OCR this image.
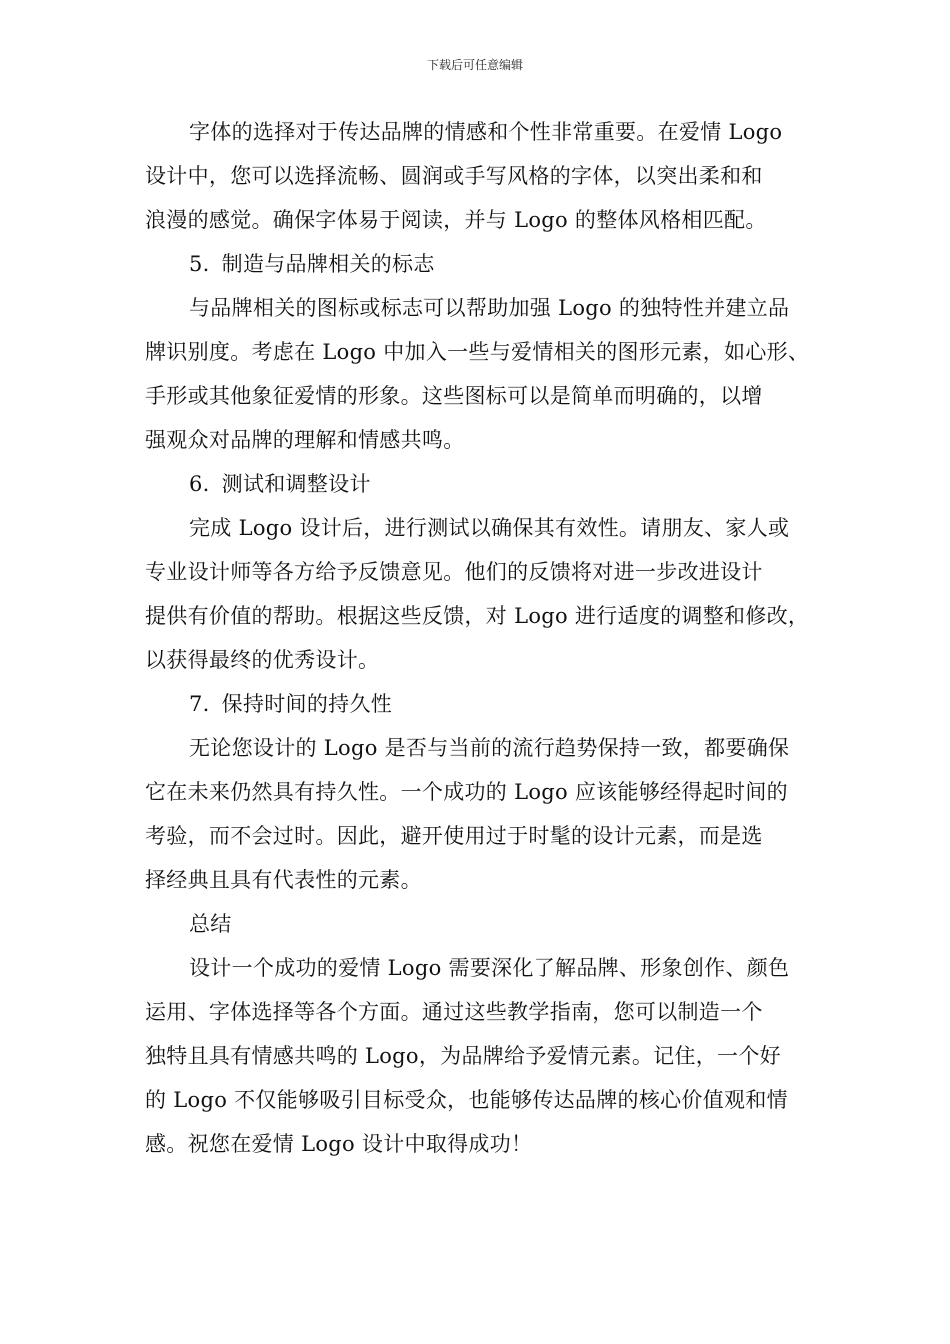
下载后可任意编辑
字体的选择对于传达品牌的情感和个性非常重要。在爱情 Logo
设计中，您可以选择流畅、圆润或手写风格的字体，以突出柔和和
浪漫的感觉。确保字体易于阅读，并与 Logo 的整体风格相匹配。
5. 制造与品牌相关的标志
与品牌相关的图标或标志可以帮助加强 Logo 的独特性并建立品
牌识别度。考虑在 Logo 中加入一些与爱情相关的图形元素，如心形、
手形或其他象征爱情的形象。这些图标可以是简单而明确的，以增
强观众对品牌的理解和情感共鸣。
6. 测试和调整设计
完成 Logo 设计后，进行测试以确保其有效性。请朋友、家人或
专业设计师等各方给予反馈意见。他们的反馈将对进一步改进设计
提供有价值的帮助。根据这些反馈，对 Logo 进行适度的调整和修改，
以获得最终的优秀设计。
7. 保持时间的持久性
无论您设计的 Logo 是否与当前的流行趋势保持一致，都要确保
它在未来仍然具有持久性。一个成功的 Logo 应该能够经得起时间的
考验，而不会过时。因此，避开使用过于时髦的设计元素，而是选
择经典且具有代表性的元素。
总结
设计一个成功的爱情 Logo 需要深化了解品牌、形象创作、颜色
运用、字体选择等各个方面。通过这些教学指南，您可以制造一个
独特且具有情感共鸣的 Logo，为品牌给予爱情元素。记住，一个好
的 Logo 不仅能够吸引目标受众，也能够传达品牌的核心价值观和情
感。祝您在爱情 Logo 设计中取得成功！
